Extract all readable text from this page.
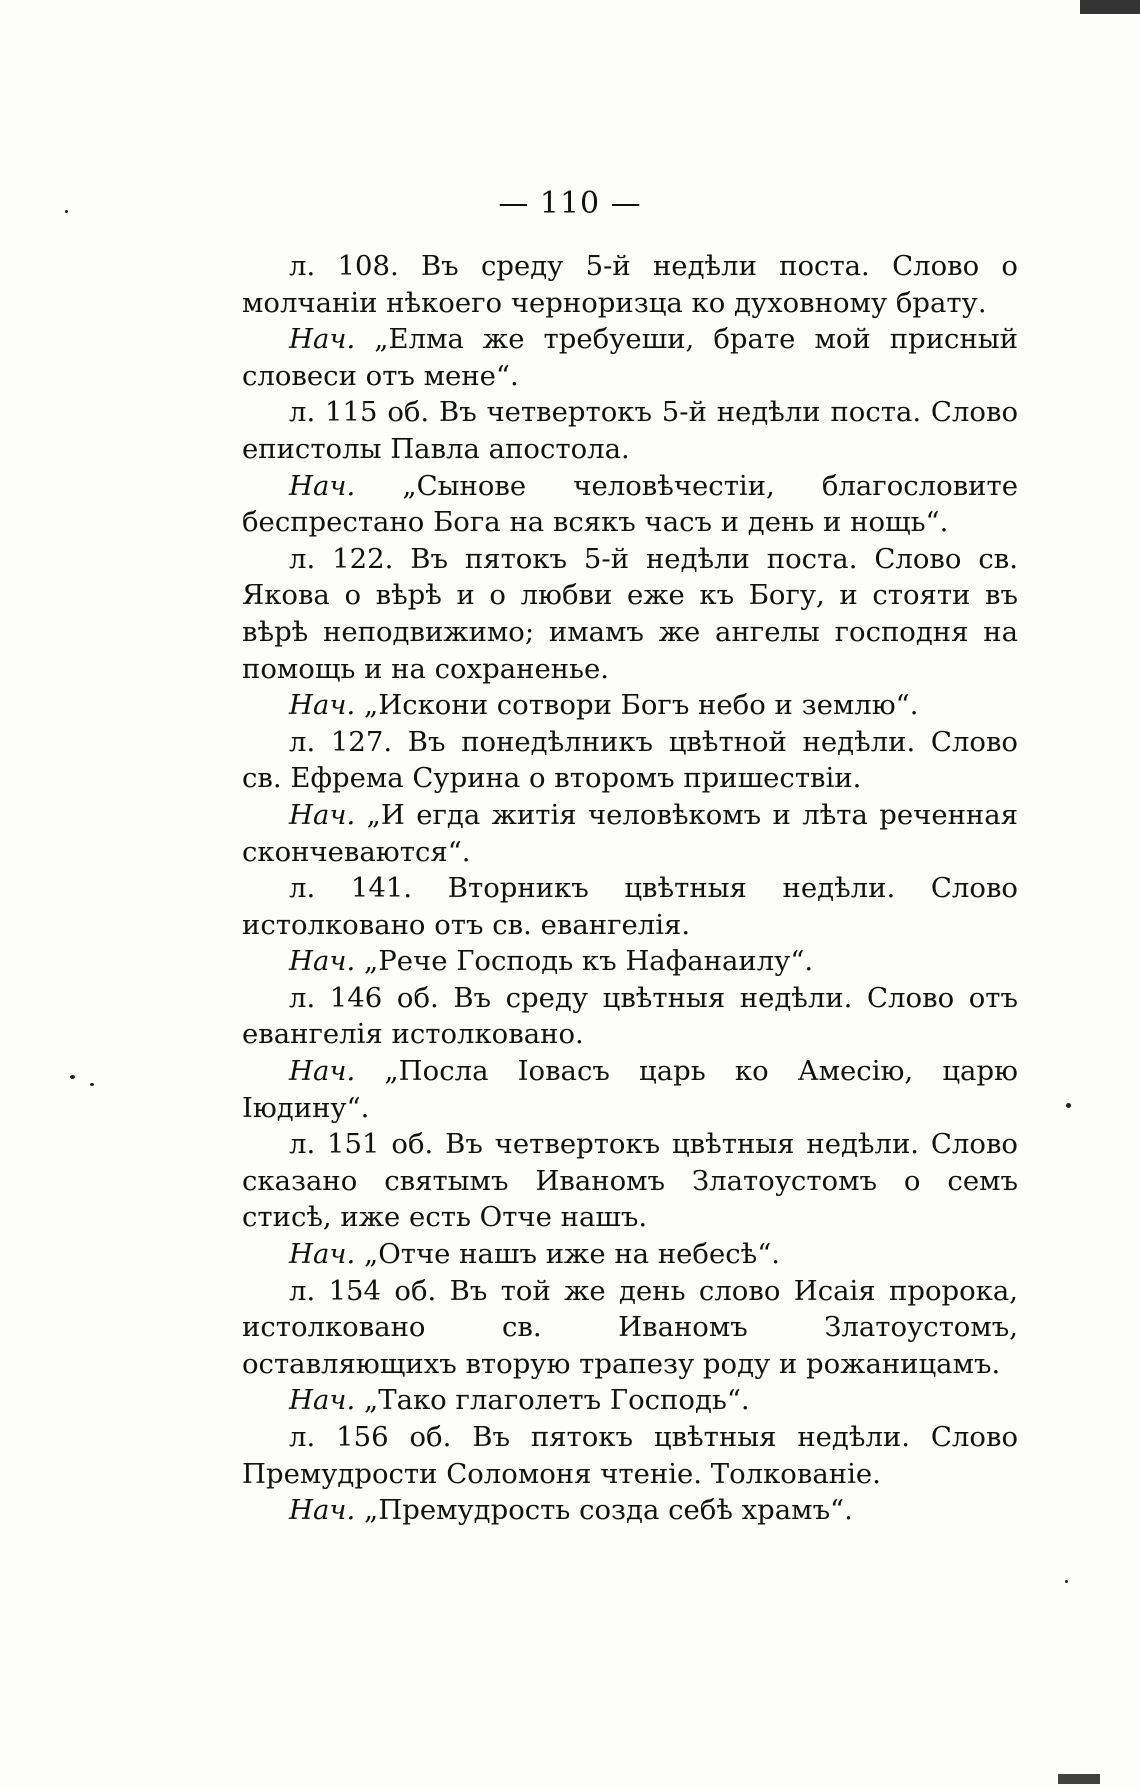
— 110 —

л. 108. Въ среду 5-й недѣли поста. Слово о молчанiи нѣкоего черноризца ко духовному брату.

Нач. „Елма же требуеши, брате мой присный словеси отъ мене“.

л. 115 об. Въ четвертокъ 5-й недѣли поста. Слово епистолы Павла апостола.

Нач. „Сынове человѣчестiи, благословите беспрестано Бога на всякъ часъ и день и нощь“.

л. 122. Въ пятокъ 5-й недѣли поста. Слово св. Якова о вѣрѣ и о любви еже къ Богу, и стояти въ вѣрѣ неподвижимо; имамъ же ангелы господня на помощь и на сохраненье.

Нач. „Искони сотвори Богъ небо и землю“.

л. 127. Въ понедѣлникъ цвѣтной недѣли. Слово св. Ефрема Сурина о второмъ пришествiи.

Нач. „И егда житiя человѣкомъ и лѣта реченная скончеваются“.

л. 141. Вторникъ цвѣтныя недѣли. Слово истолковано отъ св. евангелiя.

Нач. „Рече Господь къ Нафанаилу“.

л. 146 об. Въ среду цвѣтныя недѣли. Слово отъ евангелiя истолковано.

Нач. „Посла Iовасъ царь ко Амесiю, царю Iюдину“.

л. 151 об. Въ четвертокъ цвѣтныя недѣли. Слово сказано святымъ Иваномъ Златоустомъ о семъ стисѣ, иже есть Отче нашъ.

Нач. „Отче нашъ иже на небесѣ“.

л. 154 об. Въ той же день слово Исаiя пророка, истолковано св. Иваномъ Златоустомъ, оставляющихъ вторую трапезу роду и рожаницамъ.

Нач. „Тако глаголетъ Господь“.

л. 156 об. Въ пятокъ цвѣтныя недѣли. Слово Премудрости Соломоня чтенiе. Толкованiе.

Нач. „Премудрость созда себѣ храмъ“.
